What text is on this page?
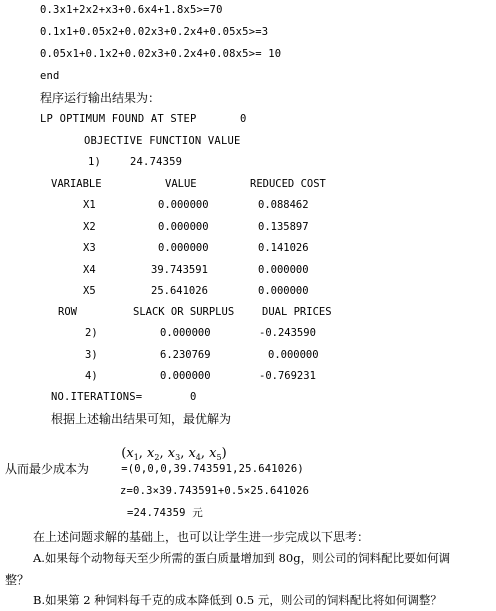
0.3x1+2x2+x3+0.6x4+1.8x5>=70
0.1x1+0.05x2+0.02x3+0.2x4+0.05x5>=3
0.05x1+0.1x2+0.02x3+0.2x4+0.08x5>= 10
end
程序运行输出结果为：
LP OPTIMUM FOUND AT STEP	0
OBJECTIVE FUNCTION VALUE
1)	24.74359
VARIABLE	VALUE	REDUCED COST
X1	0.000000	0.088462
X2	0.000000	0.135897
X3	0.000000	0.141026
X4	39.743591	0.000000
X5	25.641026	0.000000
ROW	SLACK OR SURPLUS	DUAL PRICES
2)	0.000000	-0.243590
3)	6.230769	0.000000
4)	0.000000	-0.769231
NO.ITERATIONS=	0
根据上述输出结果可知，最优解为

($x_1$, $x_2$, $x_3$, $x_4$, $x_5$)
=(0,0,0,39.743591,25.641026)

从而最少成本为
z=0.3×39.743591+0.5×25.641026
=24.74359 元
在上述问题求解的基础上，也可以让学生进一步完成以下思考：
A.如果每个动物每天至少所需的蛋白质量增加到 80g，则公司的饲料配比要如何调
整？
B.如果第 2 种饲料每千克的成本降低到 0.5 元，则公司的饲料配比将如何调整？
